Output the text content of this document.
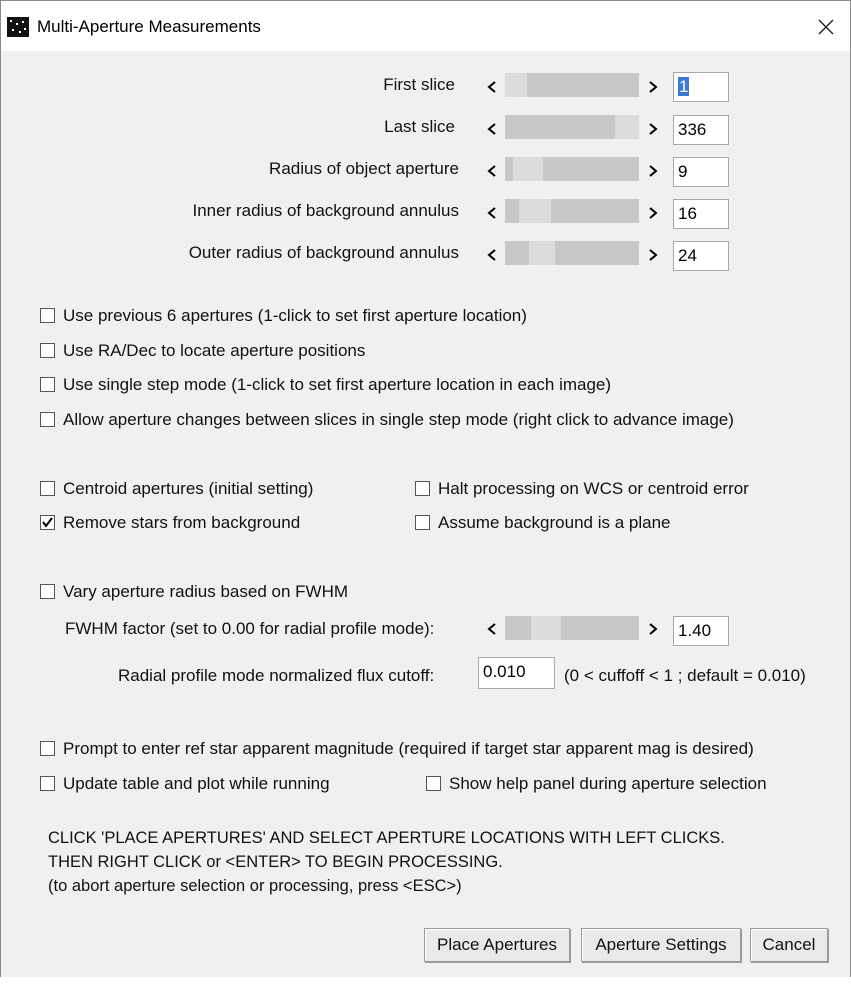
Multi-Aperture Measurements
First slice	1
Last slice	336
Radius of object aperture	9
Inner radius of background annulus	16
Outer radius of background annulus	24
Use previous 6 apertures (1-click to set first aperture location)
Use RA/Dec to locate aperture positions
Use single step mode (1-click to set first aperture location in each image)
Allow aperture changes between slices in single step mode (right click to advance image)
Centroid apertures (initial setting)	Halt processing on WCS or centroid error
Remove stars from background	Assume background is a plane
Vary aperture radius based on FWHM
FWHM factor (set to 0.00 for radial profile mode):	1.40
Radial profile mode normalized flux cutoff:	0.010	(0 < cuffoff < 1 ; default = 0.010)
Prompt to enter ref star apparent magnitude (required if target star apparent mag is desired)
Update table and plot while running	Show help panel during aperture selection
CLICK 'PLACE APERTURES' AND SELECT APERTURE LOCATIONS WITH LEFT CLICKS.
THEN RIGHT CLICK or <ENTER> TO BEGIN PROCESSING.
(to abort aperture selection or processing, press <ESC>)
Place Apertures	Aperture Settings	Cancel
